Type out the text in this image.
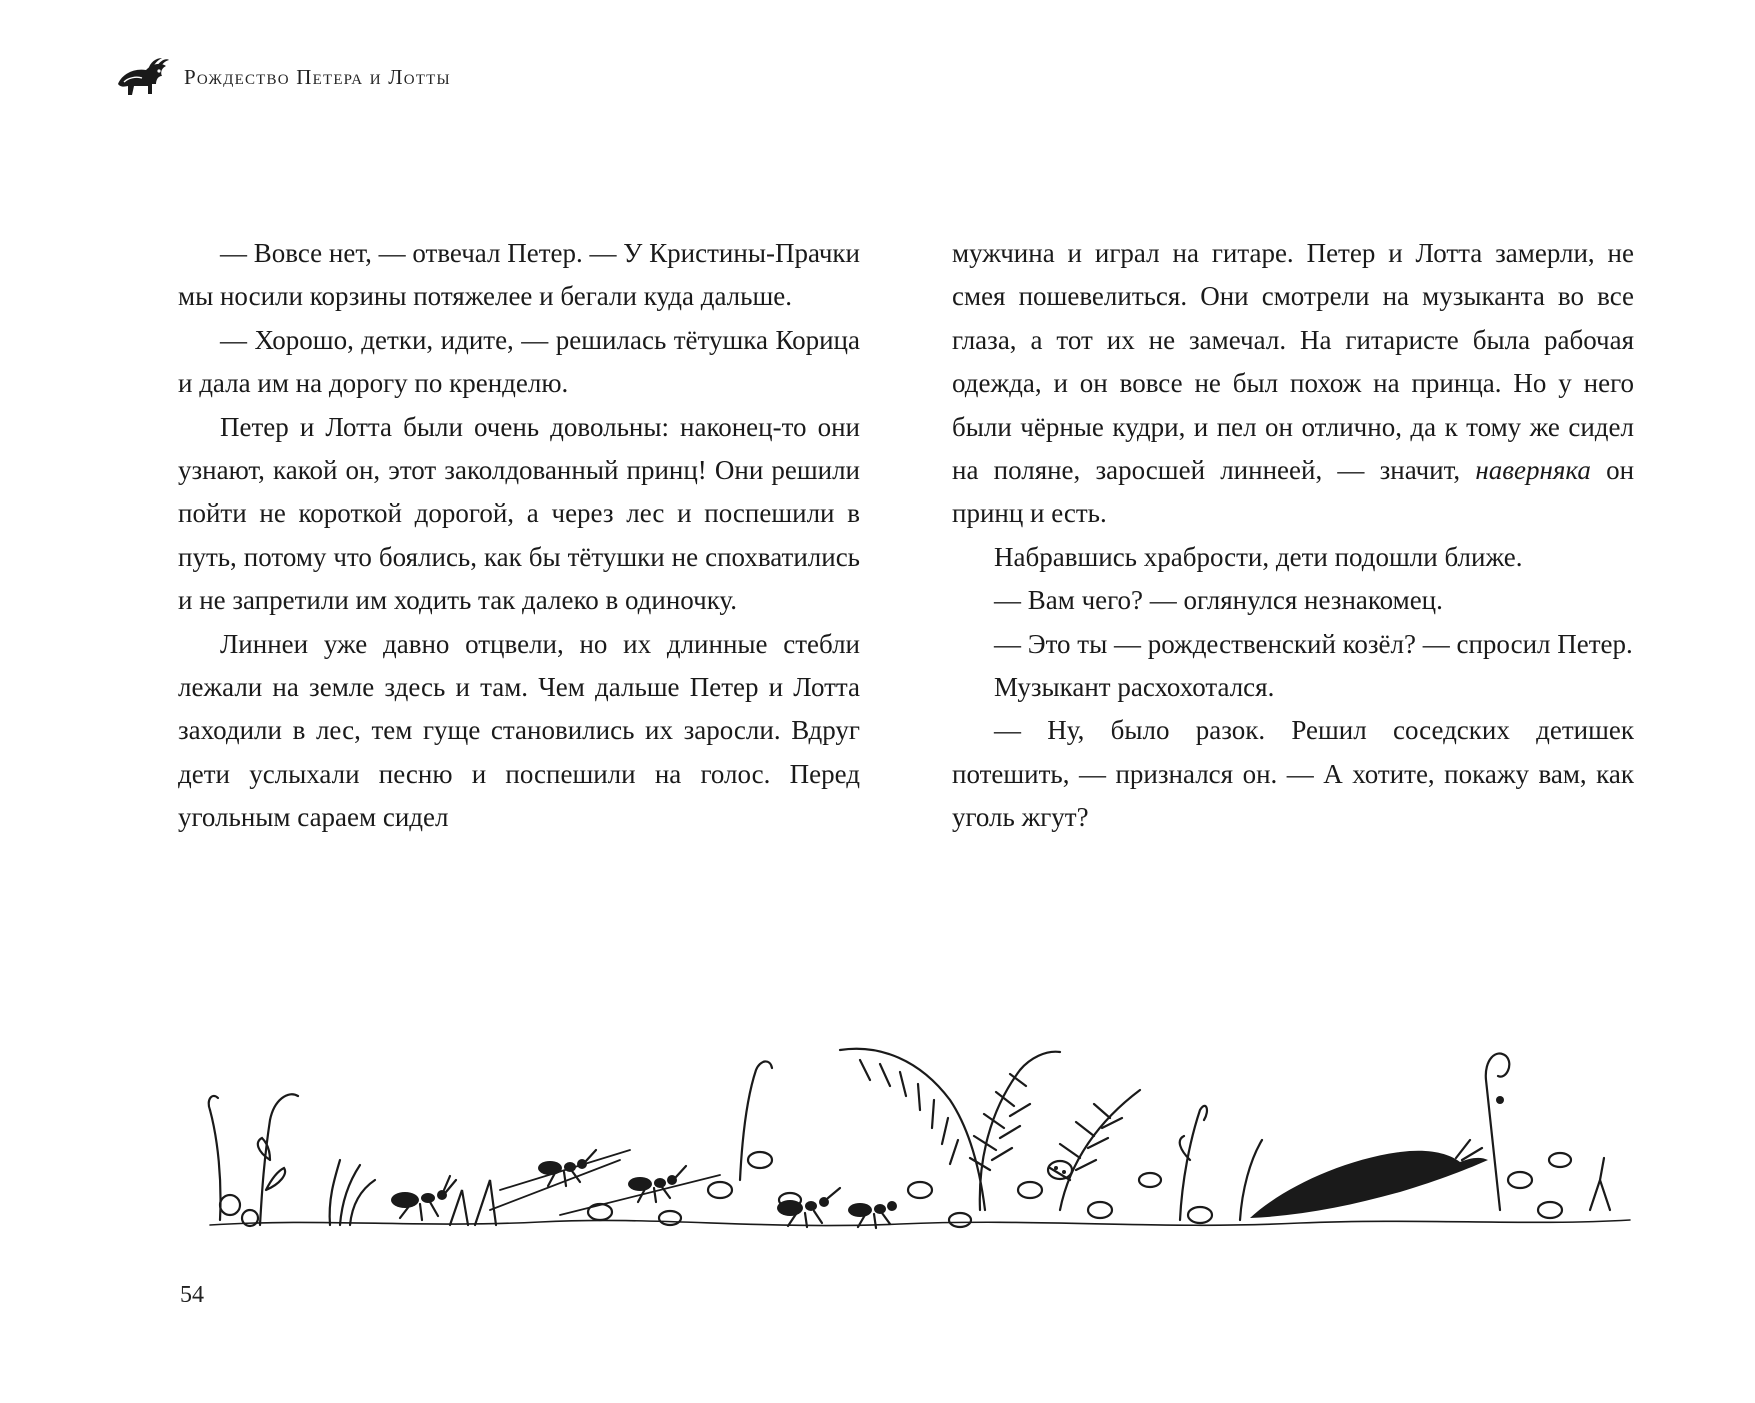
Рождество Петера и Лотты

— Вовсе нет, — отвечал Петер. — У Кристины-Прачки мы носили корзины потяжелее и бегали куда дальше.

— Хорошо, детки, идите, — решилась тётушка Корица и дала им на дорогу по кренделю.

Петер и Лотта были очень довольны: наконец-то они узнают, какой он, этот заколдованный принц! Они решили пойти не короткой дорогой, а через лес и поспешили в путь, потому что боялись, как бы тётушки не спохватились и не запретили им ходить так далеко в одиночку.

Линнеи уже давно отцвели, но их длинные стебли лежали на земле здесь и там. Чем дальше Петер и Лотта заходили в лес, тем гуще становились их заросли. Вдруг дети услыхали песню и поспешили на голос. Перед угольным сараем сидел

мужчина и играл на гитаре. Петер и Лотта замерли, не смея пошевелиться. Они смотрели на музыканта во все глаза, а тот их не замечал. На гитаристе была рабочая одежда, и он вовсе не был похож на принца. Но у него были чёрные кудри, и пел он отлично, да к тому же сидел на поляне, заросшей линнеей, — значит, наверняка он принц и есть.

Набравшись храбрости, дети подошли ближе.

— Вам чего? — оглянулся незнакомец.

— Это ты — рождественский козёл? — спросил Петер.

Музыкант расхохотался.

— Ну, было разок. Решил соседских детишек потешить, — признался он. — А хотите, покажу вам, как уголь жгут?

54
